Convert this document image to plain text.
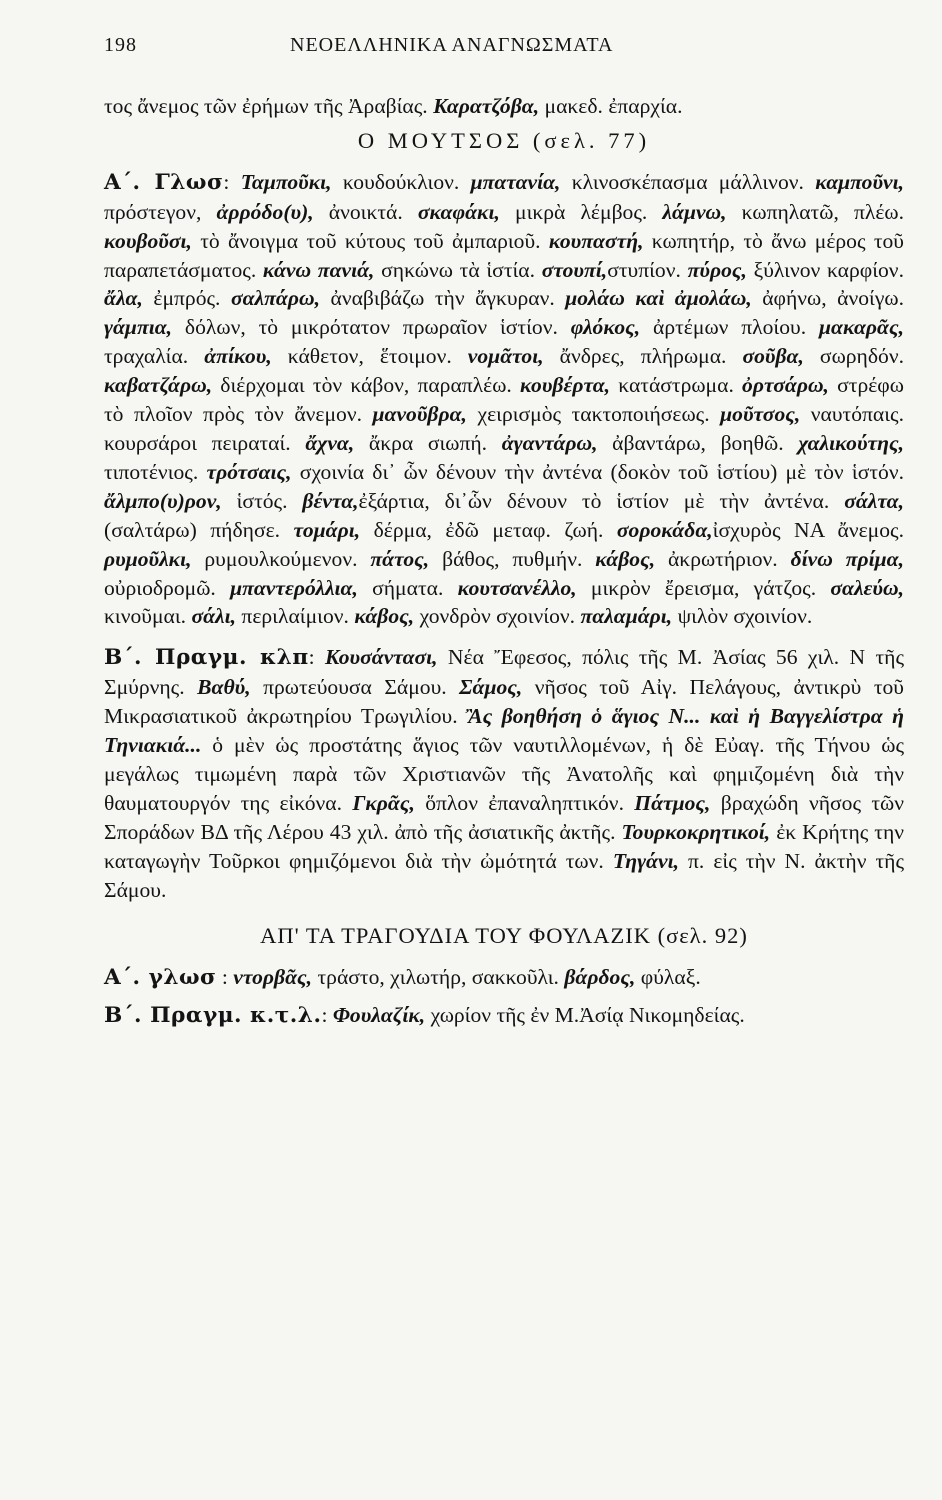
198	ΝΕΟΕΛΛΗΝΙΚΑ ΑΝΑΓΝΩΣΜΑΤΑ

τος ἄνεμος τῶν ἐρήμων τῆς Ἀραβίας. Καρατζόβα, μακεδ. ἐπαρχία.

Ο ΜΟΥΤΣΟΣ (σελ. 77)

Α΄. Γλωσ: Ταμποῦκι, κουδούκλιον. μπατανία, κλινοσκέπασμα μάλλινον. καμποῦνι, πρόστεγον, ἀρρόδο(υ), ἀνοικτά. σκαφάκι, μικρὰ λέμβος. λάμνω, κωπηλατῶ, πλέω. κουβοῦσι, τὸ ἄνοιγμα τοῦ κύτους τοῦ ἀμπαριοῦ. κουπαστή, κωπητήρ, τὸ ἄνω μέρος τοῦ παραπετάσματος. κάνω πανιά, σηκώνω τὰ ἱστία. στουπί,στυπίον. πύρος, ξύλινον καρφίον. ἄλα, ἐμπρός. σαλπάρω, ἀναβιβάζω τὴν ἄγκυραν. μολάω καὶ ἀμολάω, ἀφήνω, ἀνοίγω. γάμπια, δόλων, τὸ μικρότατον πρωραῖον ἱστίον. φλόκος, ἀρτέμων πλοίου. μακαρᾶς, τραχαλία. ἀπίκου, κάθετον, ἕτοιμον. νομᾶτοι, ἄνδρες, πλήρωμα. σοῦβα, σωρηδόν. καβατζάρω, διέρχομαι τὸν κάβον, παραπλέω. κουβέρτα, κατάστρωμα. ὀρτσάρω, στρέφω τὸ πλοῖον πρὸς τὸν ἄνεμον. μανοῦβρα, χειρισμὸς τακτοποιήσεως. μοῦτσος, ναυτόπαις. κουρσάροι πειραταί. ἄχνα, ἄκρα σιωπή. ἀγαντάρω, ἀβαντάρω, βοηθῶ. χαλικούτης, τιποτένιος. τρότσαις, σχοινία δι᾽ ὧν δένουν τὴν ἀντένα (δοκὸν τοῦ ἱστίου) μὲ τὸν ἱστόν. ἄλμπο(υ)ρον, ἱστός. βέντα,ἐξάρτια, δι᾽ὧν δένουν τὸ ἱστίον μὲ τὴν ἀντένα. σάλτα, (σαλτάρω) πήδησε. τομάρι, δέρμα, ἐδῶ μεταφ. ζωή. σοροκάδα,ἰσχυρὸς ΝΑ ἄνεμος. ρυμοῦλκι, ρυμουλκούμενον. πάτος, βάθος, πυθμήν. κάβος, ἀκρωτήριον. δίνω πρίμα, οὐριοδρομῶ. μπαντερόλλια, σήματα. κουτσανέλλο, μικρὸν ἔρεισμα, γάτζος. σαλεύω, κινοῦμαι. σάλι, περιλαίμιον. κάβος, χονδρὸν σχοινίον. παλαμάρι, ψιλὸν σχοινίον.

Β΄. Πραγμ. κλπ: Κουσάντασι, Νέα Ἔφεσος, πόλις τῆς Μ. Ἀσίας 56 χιλ. Ν τῆς Σμύρνης. Βαθύ, πρωτεύουσα Σάμου. Σάμος, νῆσος τοῦ Αἰγ. Πελάγους, ἀντικρὺ τοῦ Μικρασιατικοῦ ἀκρωτηρίου Τρωγιλίου. Ἂς βοηθήση ὁ ἅγιος Ν... καὶ ἡ Βαγγελίστρα ἡ Τηνιακιά... ὁ μὲν ὡς προστάτης ἅγιος τῶν ναυτιλλομένων, ἡ δὲ Εὐαγ. τῆς Τήνου ὡς μεγάλως τιμωμένη παρὰ τῶν Χριστιανῶν τῆς Ἀνατολῆς καὶ φημιζομένη διὰ τὴν θαυματουργόν της εἰκόνα. Γκρᾶς, ὅπλον ἐπαναληπτικόν. Πάτμος, βραχώδη νῆσος τῶν Σποράδων ΒΔ τῆς Λέρου 43 χιλ. ἀπὸ τῆς ἀσιατικῆς ἀκτῆς. Τουρκοκρητικοί, ἐκ Κρήτης την καταγωγὴν Τοῦρκοι φημιζόμενοι διὰ τὴν ὠμότητά των. Τηγάνι, π. εἰς τὴν Ν. ἀκτὴν τῆς Σάμου.

ΑΠ' ΤΑ ΤΡΑΓΟΥΔΙΑ ΤΟΥ ΦΟΥΛΑΖΙΚ (σελ. 92)

Α΄. γλωσ : ντορβᾶς, τράστο, χιλωτήρ, σακκοῦλι. βάρδος, φύλαξ.

Β΄. Πραγμ. κ.τ.λ.: Φουλαζίκ, χωρίον τῆς ἐν Μ.Ἀσίᾳ Νικομηδείας.
